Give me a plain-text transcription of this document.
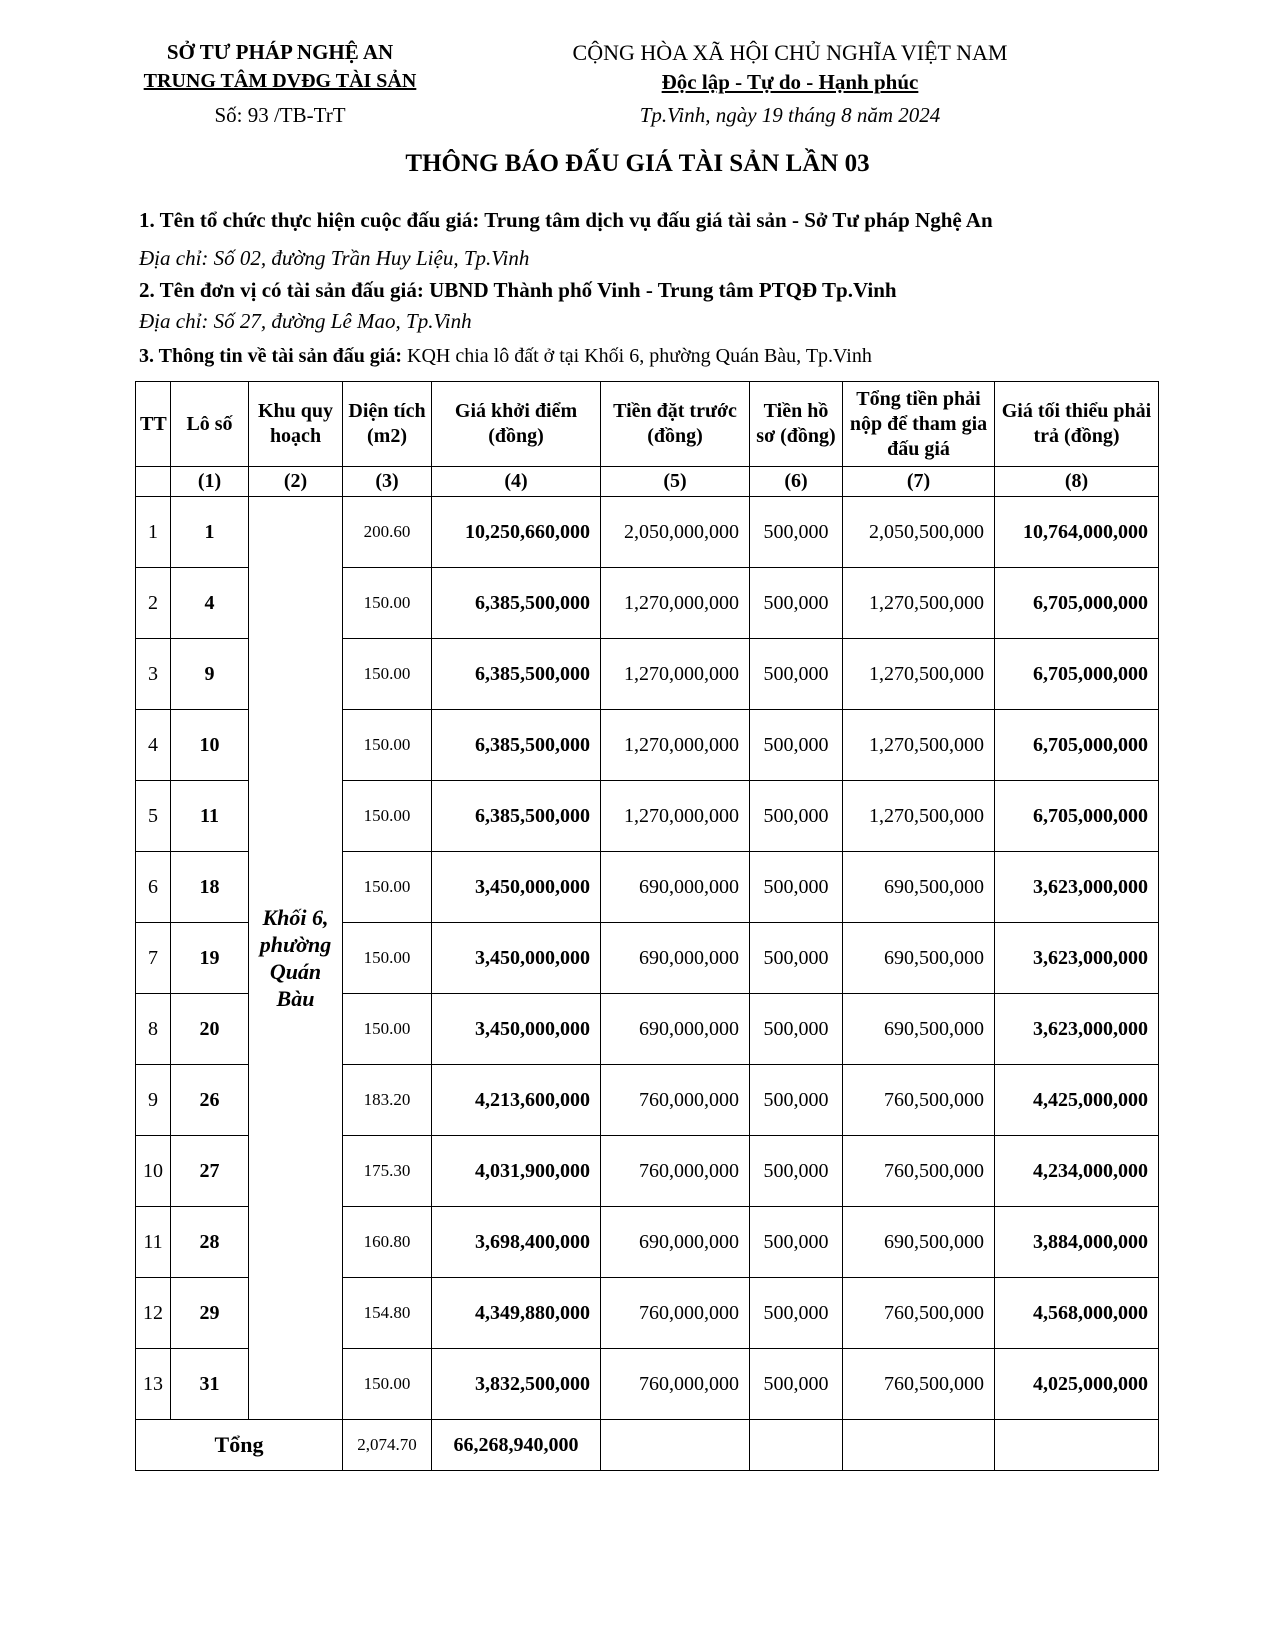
SỞ TƯ PHÁP NGHỆ AN
TRUNG TÂM DVĐG TÀI SẢN
Số: 93 /TB-TrT
CỘNG HÒA XÃ HỘI CHỦ NGHĨA VIỆT NAM
Độc lập - Tự do - Hạnh phúc
Tp.Vinh, ngày 19 tháng 8 năm 2024
THÔNG BÁO ĐẤU GIÁ TÀI SẢN LẦN 03
1. Tên tổ chức thực hiện cuộc đấu giá: Trung tâm dịch vụ đấu giá tài sản - Sở Tư pháp Nghệ An
Địa chỉ: Số 02, đường Trần Huy Liệu, Tp.Vinh
2. Tên đơn vị có tài sản đấu giá: UBND Thành phố Vinh - Trung tâm PTQĐ Tp.Vinh
Địa chỉ: Số 27, đường Lê Mao, Tp.Vinh
3. Thông tin về tài sản đấu giá: KQH chia lô đất ở tại Khối 6, phường Quán Bàu, Tp.Vinh
TT	Lô số	Khu quy hoạch	Diện tích (m2)	Giá khởi điểm (đồng)	Tiền đặt trước (đồng)	Tiền hồ sơ (đồng)	Tổng tiền phải nộp để tham gia đấu giá	Giá tối thiểu phải trả (đồng)
	(1)	(2)	(3)	(4)	(5)	(6)	(7)	(8)
1	1	Khối 6, phường Quán Bàu	200.60	10,250,660,000	2,050,000,000	500,000	2,050,500,000	10,764,000,000
2	4		150.00	6,385,500,000	1,270,000,000	500,000	1,270,500,000	6,705,000,000
3	9		150.00	6,385,500,000	1,270,000,000	500,000	1,270,500,000	6,705,000,000
4	10		150.00	6,385,500,000	1,270,000,000	500,000	1,270,500,000	6,705,000,000
5	11		150.00	6,385,500,000	1,270,000,000	500,000	1,270,500,000	6,705,000,000
6	18		150.00	3,450,000,000	690,000,000	500,000	690,500,000	3,623,000,000
7	19		150.00	3,450,000,000	690,000,000	500,000	690,500,000	3,623,000,000
8	20		150.00	3,450,000,000	690,000,000	500,000	690,500,000	3,623,000,000
9	26		183.20	4,213,600,000	760,000,000	500,000	760,500,000	4,425,000,000
10	27		175.30	4,031,900,000	760,000,000	500,000	760,500,000	4,234,000,000
11	28		160.80	3,698,400,000	690,000,000	500,000	690,500,000	3,884,000,000
12	29		154.80	4,349,880,000	760,000,000	500,000	760,500,000	4,568,000,000
13	31		150.00	3,832,500,000	760,000,000	500,000	760,500,000	4,025,000,000
Tổng			2,074.70	66,268,940,000				
